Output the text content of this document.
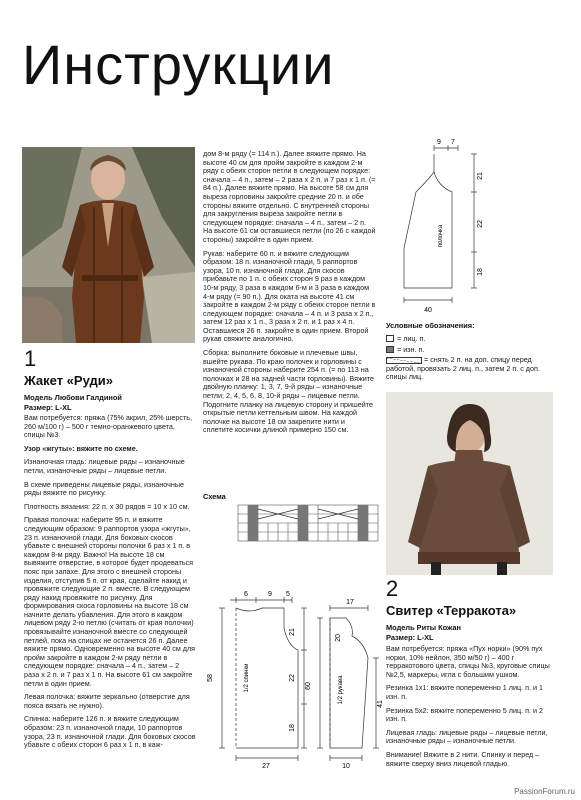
Инструкции
1
Жакет «Руди»
Модель Любови Галдиной
Размер: L-XL

Вам потребуется: пряжа (75% акрил, 25% шерсть, 260 м/100 г) – 500 г темно-оранжевого цвета, спицы №3.

Узор «жгуты»: вяжите по схеме.

Изнаночная гладь: лицевые ряды – изнаночные петли, изнаночные ряды – лицевые петли.

В схеме приведены лицевые ряды, изнаночные ряды вяжите по рисунку.

Плотность вязания: 22 п. х 30 рядов = 10 х 10 см.

Правая полочка: наберите 95 п. и вяжите следующим образом: 9 раппортов узора «жгуты», 23 п. изнаночной глади. Для боковых скосов убавьте с внешней стороны полочки 6 раз х 1 п. в каждом 8-м ряду. Важно! На высоте 18 см вывяжите отверстие, в которое будет продеваться пояс при запахе. Для этого с внешней стороны изделия, отступив 5 п. от края, сделайте накид и провяжите следующие 2 п. вместе. В следующем ряду накид провяжите по рисунку. Для формирования скоса горловины на высоте 18 см начните делать убавления. Для этого в каждом лицевом ряду 2-ю петлю (считать от края полочки) провязывайте изнаночной вместе со следующей петлей, пока на спицах не останется 26 п. Далее вяжите прямо. Одновременно на высоте 40 см для пройм закройте в каждом 2-м ряду петли в следующем порядке: сначала – 4 п., затем – 2 раза х 2 п. и 7 раз х 1 п. На высоте 61 см закройте петли в один прием.

Левая полочка: вяжите зеркально (отверстие для пояса вязать не нужно).

Спинка: наберите 126 п. и вяжите следующим образом: 23 п. изнаночной глади, 10 раппортов узора, 23 п. изнаночной глади. Для боковых скосов убавьте с обеих сторон 6 раз х 1 п. в каж-

дом 8-м ряду (= 114 п.). Далее вяжите прямо. На высоте 40 см для пройм закройте в каждом 2-м ряду с обеих сторон петли в следующем порядке: сначала – 4 п., затем – 2 раза х 2 п. и 7 раз х 1 п. (= 84 п.). Далее вяжите прямо. На высоте 58 см для выреза горловины закройте средние 20 п. и обе стороны вяжите отдельно. С внутренней стороны для закругления выреза закройте петли в следующем порядке: сначала – 4 п., затем – 2 п. На высоте 61 см оставшиеся петли (по 26 с каждой стороны) закройте в один прием.

Рукав: наберите 60 п. и вяжите следующим образом: 18 п. изнаночной глади, 5 раппортов узора, 10 п. изнаночной глади. Для скосов прибавьте по 1 п. с обеих сторон 9 раз в каждом 10-м ряду, 3 раза в каждом 6-м и 3 раза в каждом 4-м ряду (= 90 п.). Для оката на высоте 41 см закройте в каждом 2-м ряду с обеих сторон петли в следующем порядке: сначала – 4 п. и 3 раза х 2 п., затем 12 раз х 1 п., 3 раза х 2 п. и 1 раз х 4 п. Оставшиеся 26 п. закройте в один прием. Второй рукав свяжите аналогично.

Сборка: выполните боковые и плечевые швы, вшейте рукава. По краю полочек и горловины с изнаночной стороны наберите 254 п. (= по 113 на полочках и 28 на задней части горловины). Вяжите двойную планку: 1, 3, 7, 9-й ряды – изнаночные петли; 2, 4, 5, 6, 8, 10-й ряды – лицевые петли. Подогните планку на лицевую сторону и пришейте открытые петли кеттельным швом. На каждой полочке на высоте 18 см закрепите нити и сплетите косички длиной примерно 150 см.

Схема
9 7
21
22
18
40
полочка
Условные обозначения:
= лиц. п.
= изн. п.
= снять 2 п. на доп. спицу перед работой, провязать 2 лиц. п., затем 2 п. с доп. спицы лиц.
2
Свитер «Терракота»
Модель Риты Кожан
Размер: L-XL

Вам потребуется: пряжа «Пух норки» (90% пух норки, 10% нейлон, 350 м/50 г) – 400 г терракотового цвета, спицы №3, круговые спицы №2,5, маркеры, игла с большим ушком.

Резинка 1х1: вяжите попеременно 1 лиц. п. и 1 изн. п.

Резинка 5х2: вяжите попеременно 5 лиц. п. и 2 изн. п.

Лицевая гладь: лицевые ряды – лицевые петли, изнаночные ряды – изнаночные петли.

Внимание! Вяжите в 2 нити. Спинку и перед – вяжите сверху вниз лицевой гладью.

6	9 5
58
21
22
18
27
1/2 спинки
17
60
41
20
10
1/2 рукава
PassionForum.ru
